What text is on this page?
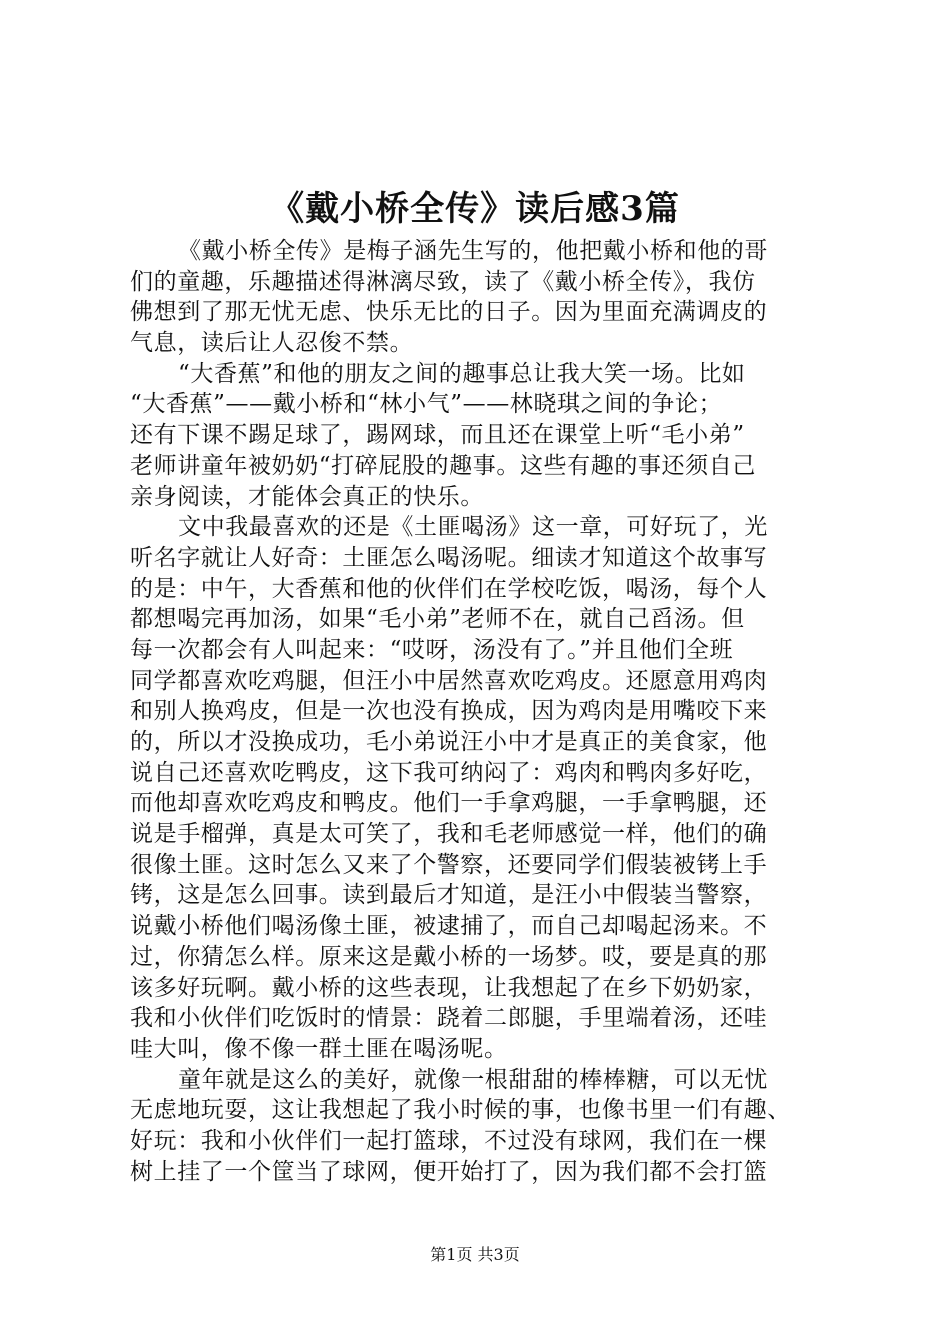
《戴小桥全传》读后感3篇
《戴小桥全传》是梅子涵先生写的，他把戴小桥和他的哥
们的童趣，乐趣描述得淋漓尽致，读了《戴小桥全传》，我仿
佛想到了那无忧无虑、快乐无比的日子。因为里面充满调皮的
气息，读后让人忍俊不禁。
“大香蕉”和他的朋友之间的趣事总让我大笑一场。比如
“大香蕉”——戴小桥和“林小气”——林晓琪之间的争论；
还有下课不踢足球了，踢网球，而且还在课堂上听“毛小弟”
老师讲童年被奶奶“打碎屁股的趣事。这些有趣的事还须自己
亲身阅读，才能体会真正的快乐。
文中我最喜欢的还是《土匪喝汤》这一章，可好玩了，光
听名字就让人好奇：土匪怎么喝汤呢。细读才知道这个故事写
的是：中午，大香蕉和他的伙伴们在学校吃饭，喝汤，每个人
都想喝完再加汤，如果“毛小弟”老师不在，就自己舀汤。但
每一次都会有人叫起来：“哎呀，汤没有了。”并且他们全班
同学都喜欢吃鸡腿，但汪小中居然喜欢吃鸡皮。还愿意用鸡肉
和别人换鸡皮，但是一次也没有换成，因为鸡肉是用嘴咬下来
的，所以才没换成功，毛小弟说汪小中才是真正的美食家，他
说自己还喜欢吃鸭皮，这下我可纳闷了：鸡肉和鸭肉多好吃，
而他却喜欢吃鸡皮和鸭皮。他们一手拿鸡腿，一手拿鸭腿，还
说是手榴弹，真是太可笑了，我和毛老师感觉一样，他们的确
很像土匪。这时怎么又来了个警察，还要同学们假装被铐上手
铐，这是怎么回事。读到最后才知道，是汪小中假装当警察，
说戴小桥他们喝汤像土匪，被逮捕了，而自己却喝起汤来。不
过，你猜怎么样。原来这是戴小桥的一场梦。哎，要是真的那
该多好玩啊。戴小桥的这些表现，让我想起了在乡下奶奶家，
我和小伙伴们吃饭时的情景：跷着二郎腿，手里端着汤，还哇
哇大叫，像不像一群土匪在喝汤呢。
童年就是这么的美好，就像一根甜甜的棒棒糖，可以无忧
无虑地玩耍，这让我想起了我小时候的事，也像书里一们有趣、
好玩：我和小伙伴们一起打篮球，不过没有球网，我们在一棵
树上挂了一个筐当了球网，便开始打了，因为我们都不会打篮
第1页 共3页
